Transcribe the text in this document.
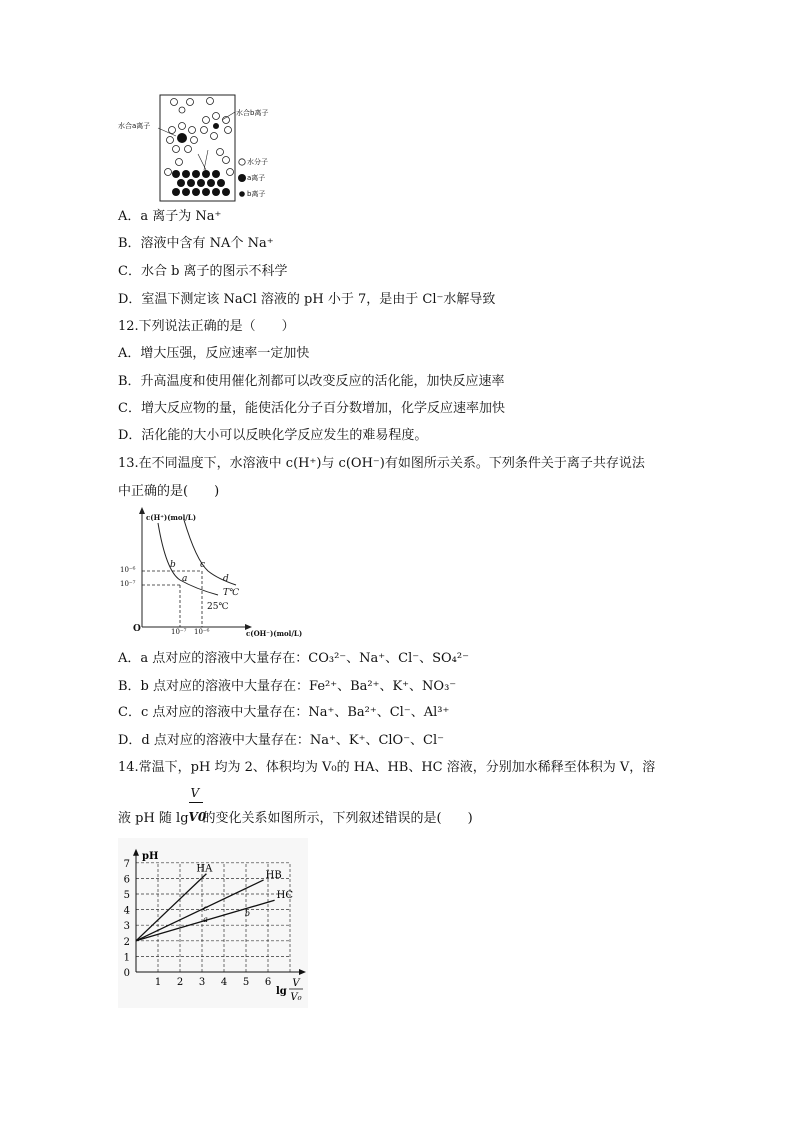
水合a离子
水合b离子
水分子
a离子
b离子
A．a 离子为 Na⁺
B．溶液中含有 NA个 Na⁺
C．水合 b 离子的图示不科学
D．室温下测定该 NaCl 溶液的 pH 小于 7，是由于 Cl⁻水解导致
12.下列说法正确的是（　　）
A．增大压强，反应速率一定加快
B．升高温度和使用催化剂都可以改变反应的活化能，加快反应速率
C．增大反应物的量，能使活化分子百分数增加，化学反应速率加快
D．活化能的大小可以反映化学反应发生的难易程度。
13.在不同温度下，水溶液中 c(H⁺)与 c(OH⁻)有如图所示关系。下列条件关于离子共存说法
中正确的是(　　)
c(H⁺)(mol/L)
c(OH⁻)(mol/L)
O
10⁻⁶
10⁻⁷
10⁻⁷ 10⁻⁶
b	c
a	d
T℃
25℃
A．a 点对应的溶液中大量存在：CO₃²⁻、Na⁺、Cl⁻、SO₄²⁻
B．b 点对应的溶液中大量存在：Fe²⁺、Ba²⁺、K⁺、NO₃⁻
C．c 点对应的溶液中大量存在：Na⁺、Ba²⁺、Cl⁻、Al³⁺
D．d 点对应的溶液中大量存在：Na⁺、K⁺、ClO⁻、Cl⁻
14.常温下，pH 均为 2、体积均为 V₀的 HA、HB、HC 溶液，分别加水稀释至体积为 V，溶
液 pH 随 $\lg \frac{V}{V0}$ 的变化关系如图所示，下列叙述错误的是(　　)
1 2 3 4 5 6
0
1
2
3
4
5
6
7
pH
lg
V
V₀
HA
HB
HC
a
b
c
